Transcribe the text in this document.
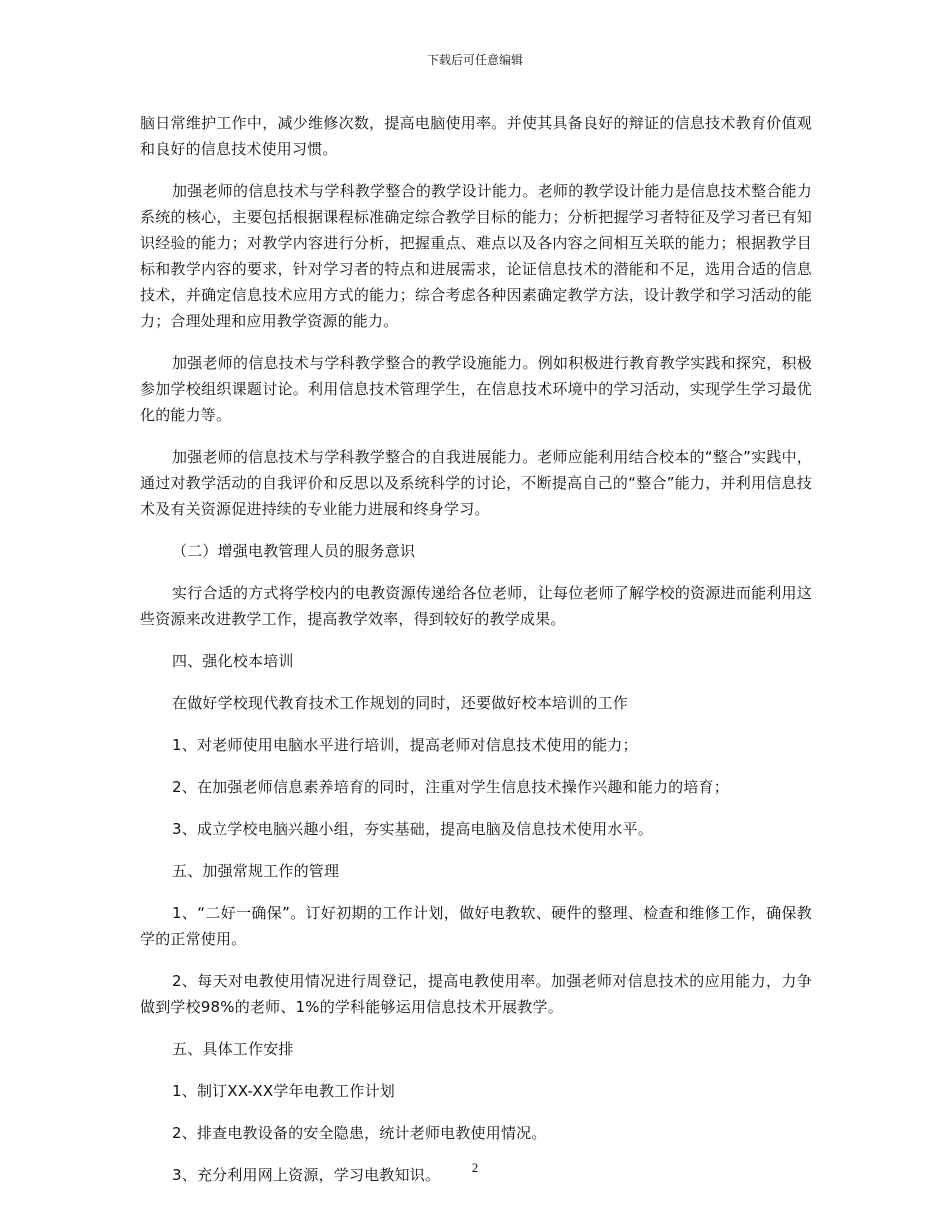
下载后可任意编辑

脑日常维护工作中，减少维修次数，提高电脑使用率。并使其具备良好的辩证的信息技术教育价值观和良好的信息技术使用习惯。

加强老师的信息技术与学科教学整合的教学设计能力。老师的教学设计能力是信息技术整合能力系统的核心，主要包括根据课程标准确定综合教学目标的能力；分析把握学习者特征及学习者已有知识经验的能力；对教学内容进行分析，把握重点、难点以及各内容之间相互关联的能力；根据教学目标和教学内容的要求，针对学习者的特点和进展需求，论证信息技术的潜能和不足，选用合适的信息技术，并确定信息技术应用方式的能力；综合考虑各种因素确定教学方法，设计教学和学习活动的能力；合理处理和应用教学资源的能力。

加强老师的信息技术与学科教学整合的教学设施能力。例如积极进行教育教学实践和探究，积极参加学校组织课题讨论。利用信息技术管理学生，在信息技术环境中的学习活动，实现学生学习最优化的能力等。

加强老师的信息技术与学科教学整合的自我进展能力。老师应能利用结合校本的“整合”实践中，通过对教学活动的自我评价和反思以及系统科学的讨论，不断提高自己的“整合”能力，并利用信息技术及有关资源促进持续的专业能力进展和终身学习。

（二）增强电教管理人员的服务意识

实行合适的方式将学校内的电教资源传递给各位老师，让每位老师了解学校的资源进而能利用这些资源来改进教学工作，提高教学效率，得到较好的教学成果。

四、强化校本培训

在做好学校现代教育技术工作规划的同时，还要做好校本培训的工作

1、对老师使用电脑水平进行培训，提高老师对信息技术使用的能力；

2、在加强老师信息素养培育的同时，注重对学生信息技术操作兴趣和能力的培育；

3、成立学校电脑兴趣小组，夯实基础，提高电脑及信息技术使用水平。

五、加强常规工作的管理

1、“二好一确保”。订好初期的工作计划，做好电教软、硬件的整理、检查和维修工作，确保教学的正常使用。

2、每天对电教使用情况进行周登记，提高电教使用率。加强老师对信息技术的应用能力，力争做到学校98%的老师、1%的学科能够运用信息技术开展教学。

五、具体工作安排

1、制订XX-XX学年电教工作计划

2、排查电教设备的安全隐患，统计老师电教使用情况。

3、充分利用网上资源，学习电教知识。	2
